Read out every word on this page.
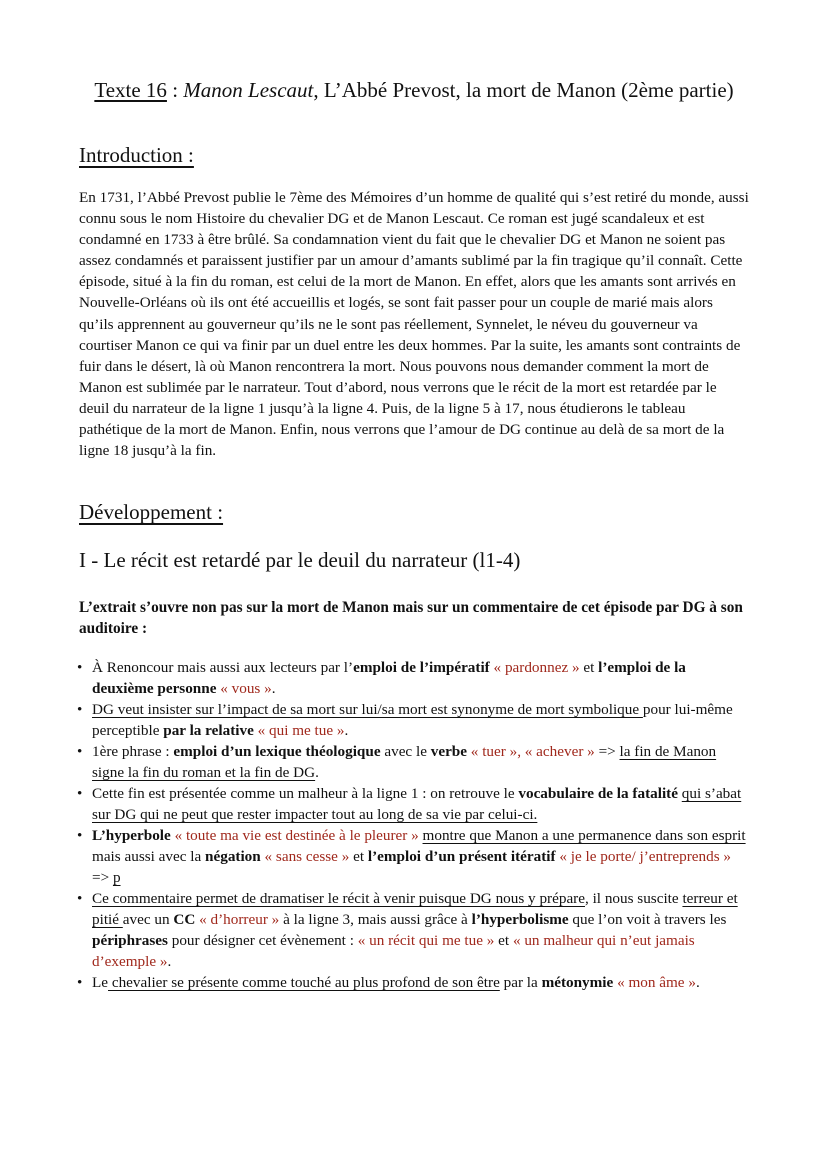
Texte 16 : Manon Lescaut, L’Abbé Prevost, la mort de Manon (2ème partie)
Introduction :
En 1731, l’Abbé Prevost publie le 7ème des Mémoires d’un homme de qualité qui s’est retiré du monde, aussi connu sous le nom Histoire du chevalier DG et de Manon Lescaut. Ce roman est jugé scandaleux et est condamné en 1733 à être brûlé. Sa condamnation vient du fait que le chevalier DG et Manon ne soient pas assez condamnés et paraissent justifier par un amour d’amants sublimé par la fin tragique qu’il connaît. Cette épisode, situé à la fin du roman, est celui de la mort de Manon. En effet, alors que les amants sont arrivés en Nouvelle-Orléans où ils ont été accueillis et logés, se sont fait passer pour un couple de marié mais alors qu’ils apprennent au gouverneur qu’ils ne le sont pas réellement, Synnelet, le néveu du gouverneur va courtiser Manon ce qui va finir par un duel entre les deux hommes. Par la suite, les amants sont contraints de fuir dans le désert, là où Manon rencontrera la mort. Nous pouvons nous demander comment la mort de Manon est sublimée par le narrateur. Tout d’abord, nous verrons que le récit de la mort est retardée par le deuil du narrateur de la ligne 1 jusqu’à la ligne 4. Puis, de la ligne 5 à 17, nous étudierons le tableau pathétique de la mort de Manon. Enfin, nous verrons que l’amour de DG continue au delà de sa mort de la ligne 18 jusqu’à la fin.
Développement :
I - Le récit est retardé par le deuil du narrateur (l1-4)
L’extrait s’ouvre non pas sur la mort de Manon mais sur un commentaire de cet épisode par DG à son auditoire :
• À Renoncour mais aussi aux lecteurs par l’emploi de l’impératif « pardonnez » et l’emploi de la deuxième personne « vous ».
• DG veut insister sur l’impact de sa mort sur lui/sa mort est synonyme de mort symbolique pour lui-même perceptible par la relative « qui me tue ».
• 1ère phrase : emploi d’un lexique théologique avec le verbe « tuer », « achever » => la fin de Manon signe la fin du roman et la fin de DG.
• Cette fin est présentée comme un malheur à la ligne 1 : on retrouve le vocabulaire de la fatalité qui s’abat sur DG qui ne peut que rester impacter tout au long de sa vie par celui-ci.
• L’hyperbole « toute ma vie est destinée à le pleurer » montre que Manon a une permanence dans son esprit mais aussi avec la négation « sans cesse » et l’emploi d’un présent itératif « je le porte/ j’entreprends » => p
• Ce commentaire permet de dramatiser le récit à venir puisque DG nous y prépare, il nous suscite terreur et pitié avec un CC « d’horreur » à la ligne 3, mais aussi grâce à l’hyperbolisme que l’on voit à travers les périphrases pour désigner cet évènement : « un récit qui me tue » et « un malheur qui n’eut jamais d’exemple ».
• Le chevalier se présente comme touché au plus profond de son être par la métonymie « mon âme ».
